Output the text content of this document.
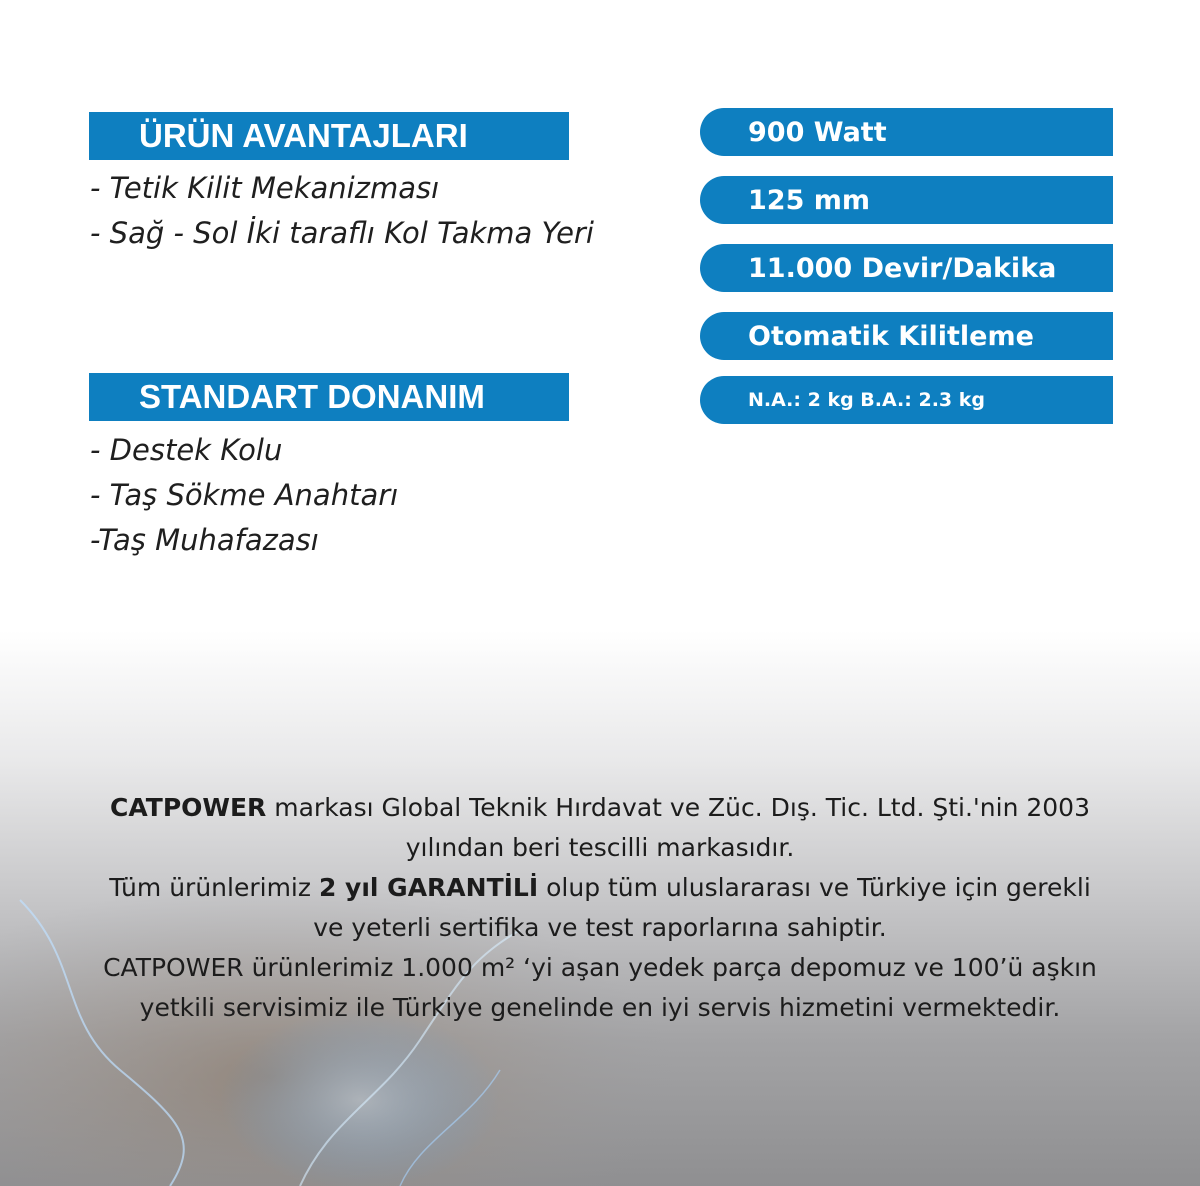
ÜRÜN AVANTAJLARI
- Tetik Kilit Mekanizması
- Sağ - Sol İki taraflı Kol Takma Yeri
STANDART DONANIM
- Destek Kolu
- Taş Sökme Anahtarı
-Taş Muhafazası
900 Watt
125 mm
11.000 Devir/Dakika
Otomatik Kilitleme
N.A.: 2 kg B.A.: 2.3 kg

CATPOWER markası Global Teknik Hırdavat ve Züc. Dış. Tic. Ltd. Şti.'nin 2003

yılından beri tescilli markasıdır.

Tüm ürünlerimiz 2 yıl GARANTİLİ olup tüm uluslararası ve Türkiye için gerekli

ve yeterli sertifika ve test raporlarına sahiptir.

CATPOWER ürünlerimiz 1.000 m² ‘yi aşan yedek parça depomuz ve 100’ü aşkın

yetkili servisimiz ile Türkiye genelinde en iyi servis hizmetini vermektedir.
